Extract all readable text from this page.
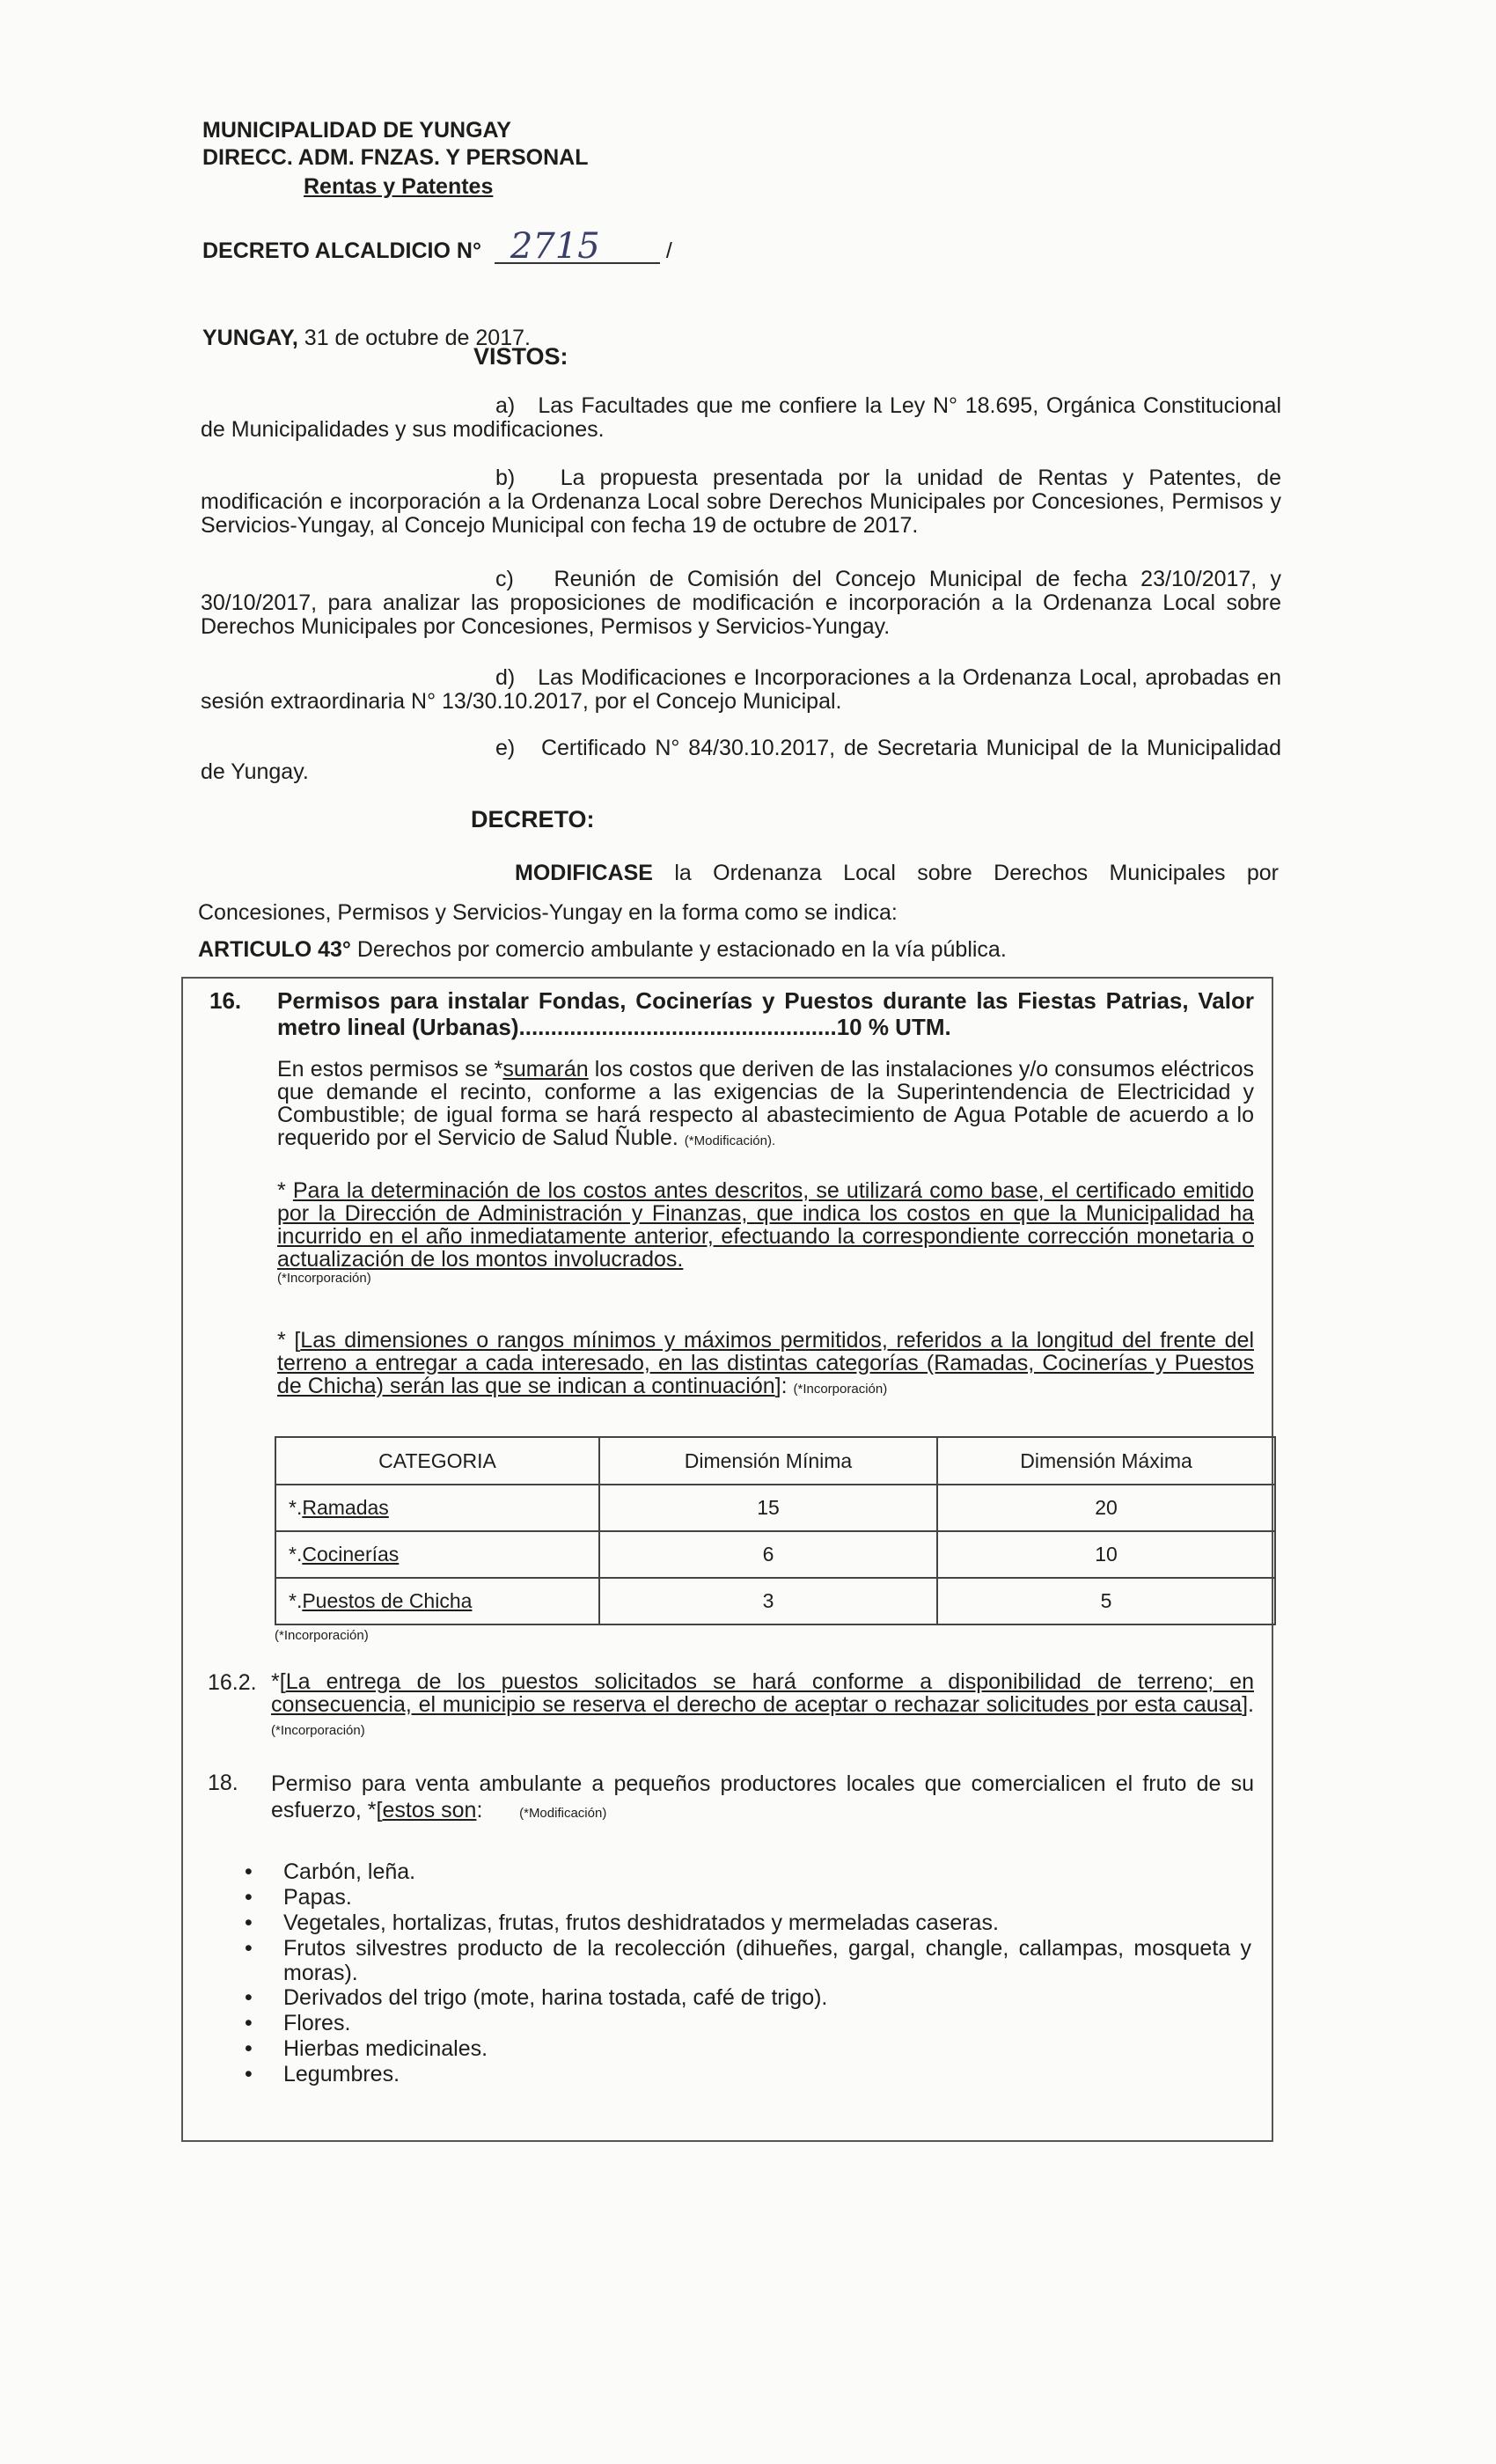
MUNICIPALIDAD DE YUNGAY
DIRECC. ADM. FNZAS. Y PERSONAL
Rentas y Patentes
DECRETO ALCALDICIO N° 2715	/
YUNGAY, 31 de octubre de 2017.
VISTOS:
a) Las Facultades que me confiere la Ley N° 18.695, Orgánica Constitucional de Municipalidades y sus modificaciones.
b) La propuesta presentada por la unidad de Rentas y Patentes, de modificación e incorporación a la Ordenanza Local sobre Derechos Municipales por Concesiones, Permisos y Servicios-Yungay, al Concejo Municipal con fecha 19 de octubre de 2017.
c) Reunión de Comisión del Concejo Municipal de fecha 23/10/2017, y 30/10/2017, para analizar las proposiciones de modificación e incorporación a la Ordenanza Local sobre Derechos Municipales por Concesiones, Permisos y Servicios-Yungay.
d) Las Modificaciones e Incorporaciones a la Ordenanza Local, aprobadas en sesión extraordinaria N° 13/30.10.2017, por el Concejo Municipal.
e) Certificado N° 84/30.10.2017, de Secretaria Municipal de la Municipalidad de Yungay.
DECRETO:
MODIFICASE la Ordenanza Local sobre Derechos Municipales por Concesiones, Permisos y Servicios-Yungay en la forma como se indica:
ARTICULO 43° Derechos por comercio ambulante y estacionado en la vía pública.
16. Permisos para instalar Fondas, Cocinerías y Puestos durante las Fiestas Patrias, Valor metro lineal (Urbanas)..................................................10 % UTM.
En estos permisos se *sumarán los costos que deriven de las instalaciones y/o consumos eléctricos que demande el recinto, conforme a las exigencias de la Superintendencia de Electricidad y Combustible; de igual forma se hará respecto al abastecimiento de Agua Potable de acuerdo a lo requerido por el Servicio de Salud Ñuble. (*Modificación).
* Para la determinación de los costos antes descritos, se utilizará como base, el certificado emitido por la Dirección de Administración y Finanzas, que indica los costos en que la Municipalidad ha incurrido en el año inmediatamente anterior, efectuando la correspondiente corrección monetaria o actualización de los montos involucrados.
(*Incorporación)
* [Las dimensiones o rangos mínimos y máximos permitidos, referidos a la longitud del frente del terreno a entregar a cada interesado, en las distintas categorías (Ramadas, Cocinerías y Puestos de Chicha) serán las que se indican a continuación]: (*Incorporación)
CATEGORIA	Dimensión Mínima	Dimensión Máxima
*.Ramadas	15	20
*.Cocinerías	6	10
*.Puestos de Chicha	3	5
(*Incorporación)
16.2. *[La entrega de los puestos solicitados se hará conforme a disponibilidad de terreno; en consecuencia, el municipio se reserva el derecho de aceptar o rechazar solicitudes por esta causa]. (*Incorporación)
18. Permiso para venta ambulante a pequeños productores locales que comercialicen el fruto de su esfuerzo, *[estos son:	(*Modificación)
• Carbón, leña.
• Papas.
• Vegetales, hortalizas, frutas, frutos deshidratados y mermeladas caseras.
• Frutos silvestres producto de la recolección (dihueñes, gargal, changle, callampas, mosqueta y moras).
• Derivados del trigo (mote, harina tostada, café de trigo).
• Flores.
• Hierbas medicinales.
• Legumbres.
